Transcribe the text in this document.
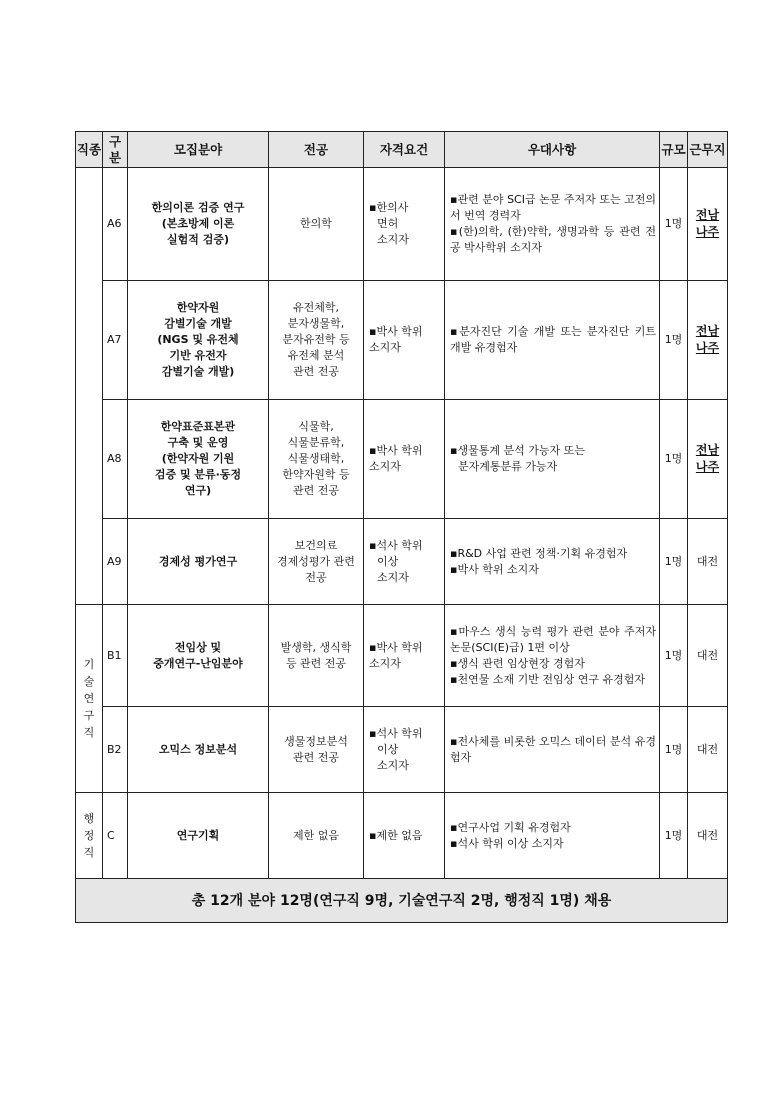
직종	구분	모집분야	전공	자격요건	우대사항	규모	근무지
	A6	한의이론 검증 연구
(본초방제 이론
실험적 검증)	한의학	▪한의사
면허
소지자	▪관련 분야 SCI급 논문 주저자 또는 고전의서 번역 경력자
▪(한)의학, (한)약학, 생명과학 등 관련 전공 박사학위 소지자	1명	전남
나주

	A7	한약자원
감별기술 개발
(NGS 및 유전체
기반 유전자
감별기술 개발)	유전체학,
분자생물학,
분자유전학 등
유전체 분석
관련 전공	▪박사 학위
소지자	▪분자진단 기술 개발 또는 분자진단 키트 개발 유경험자	1명	전남
나주

	A8	한약표준표본관
구축 및 운영
(한약자원 기원
검증 및 분류·동정
연구)	식물학,
식물분류학,
식물생태학,
한약자원학 등
관련 전공	▪박사 학위
소지자	▪생물통계 분석 가능자 또는
분자계통분류 가능자	1명	전남
나주

	A9	경제성 평가연구	보건의료
경제성평가 관련
전공	▪석사 학위
이상
소지자	▪R&D 사업 관련 정책·기획 유경험자
▪박사 학위 소지자	1명	대전

기
술
연
구
직	B1	전임상 및
중개연구-난임분야	발생학, 생식학
등 관련 전공	▪박사 학위
소지자	▪마우스 생식 능력 평가 관련 분야 주저자 논문(SCI(E)급) 1편 이상
▪생식 관련 임상현장 경험자
▪천연물 소재 기반 전임상 연구 유경험자	1명	대전
	B2	오믹스 정보분석	생물정보분석
관련 전공	▪석사 학위
이상
소지자	▪전사체를 비롯한 오믹스 데이터 분석 유경험자	1명	대전

행
정
직	C	연구기획	제한 없음	▪제한 없음	▪연구사업 기획 유경험자
▪석사 학위 이상 소지자	1명	대전
총 12개 분야 12명(연구직 9명, 기술연구직 2명, 행정직 1명) 채용							
